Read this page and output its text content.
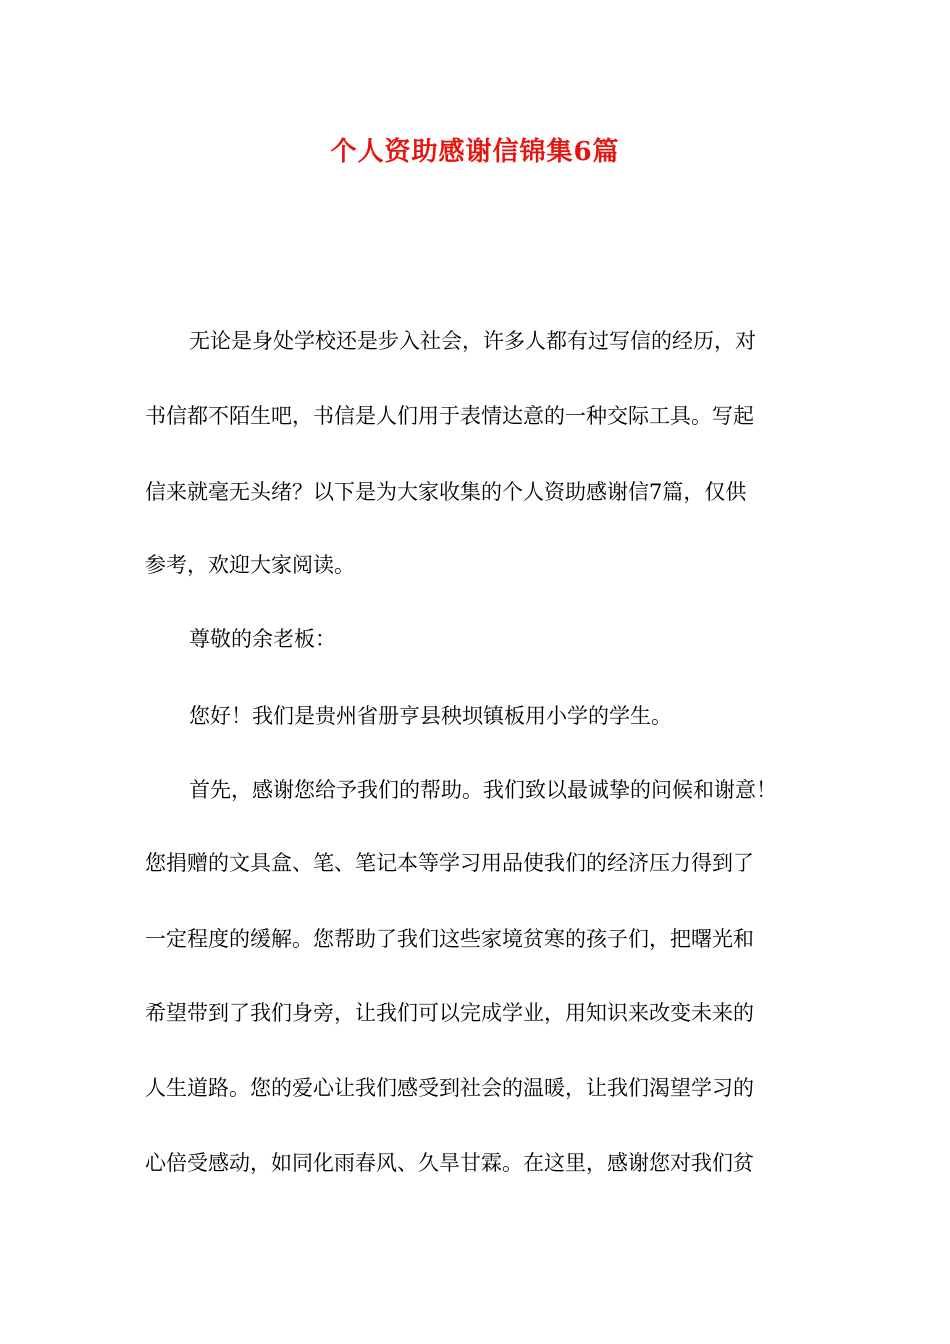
个人资助感谢信锦集6篇
无论是身处学校还是步入社会，许多人都有过写信的经历，对
书信都不陌生吧，书信是人们用于表情达意的一种交际工具。写起
信来就毫无头绪？以下是为大家收集的个人资助感谢信7篇，仅供
参考，欢迎大家阅读。
尊敬的余老板：
您好！我们是贵州省册亨县秧坝镇板用小学的学生。
首先，感谢您给予我们的帮助。我们致以最诚挚的问候和谢意！
您捐赠的文具盒、笔、笔记本等学习用品使我们的经济压力得到了
一定程度的缓解。您帮助了我们这些家境贫寒的孩子们，把曙光和
希望带到了我们身旁，让我们可以完成学业，用知识来改变未来的
人生道路。您的爱心让我们感受到社会的温暖，让我们渴望学习的
心倍受感动，如同化雨春风、久旱甘霖。在这里，感谢您对我们贫
